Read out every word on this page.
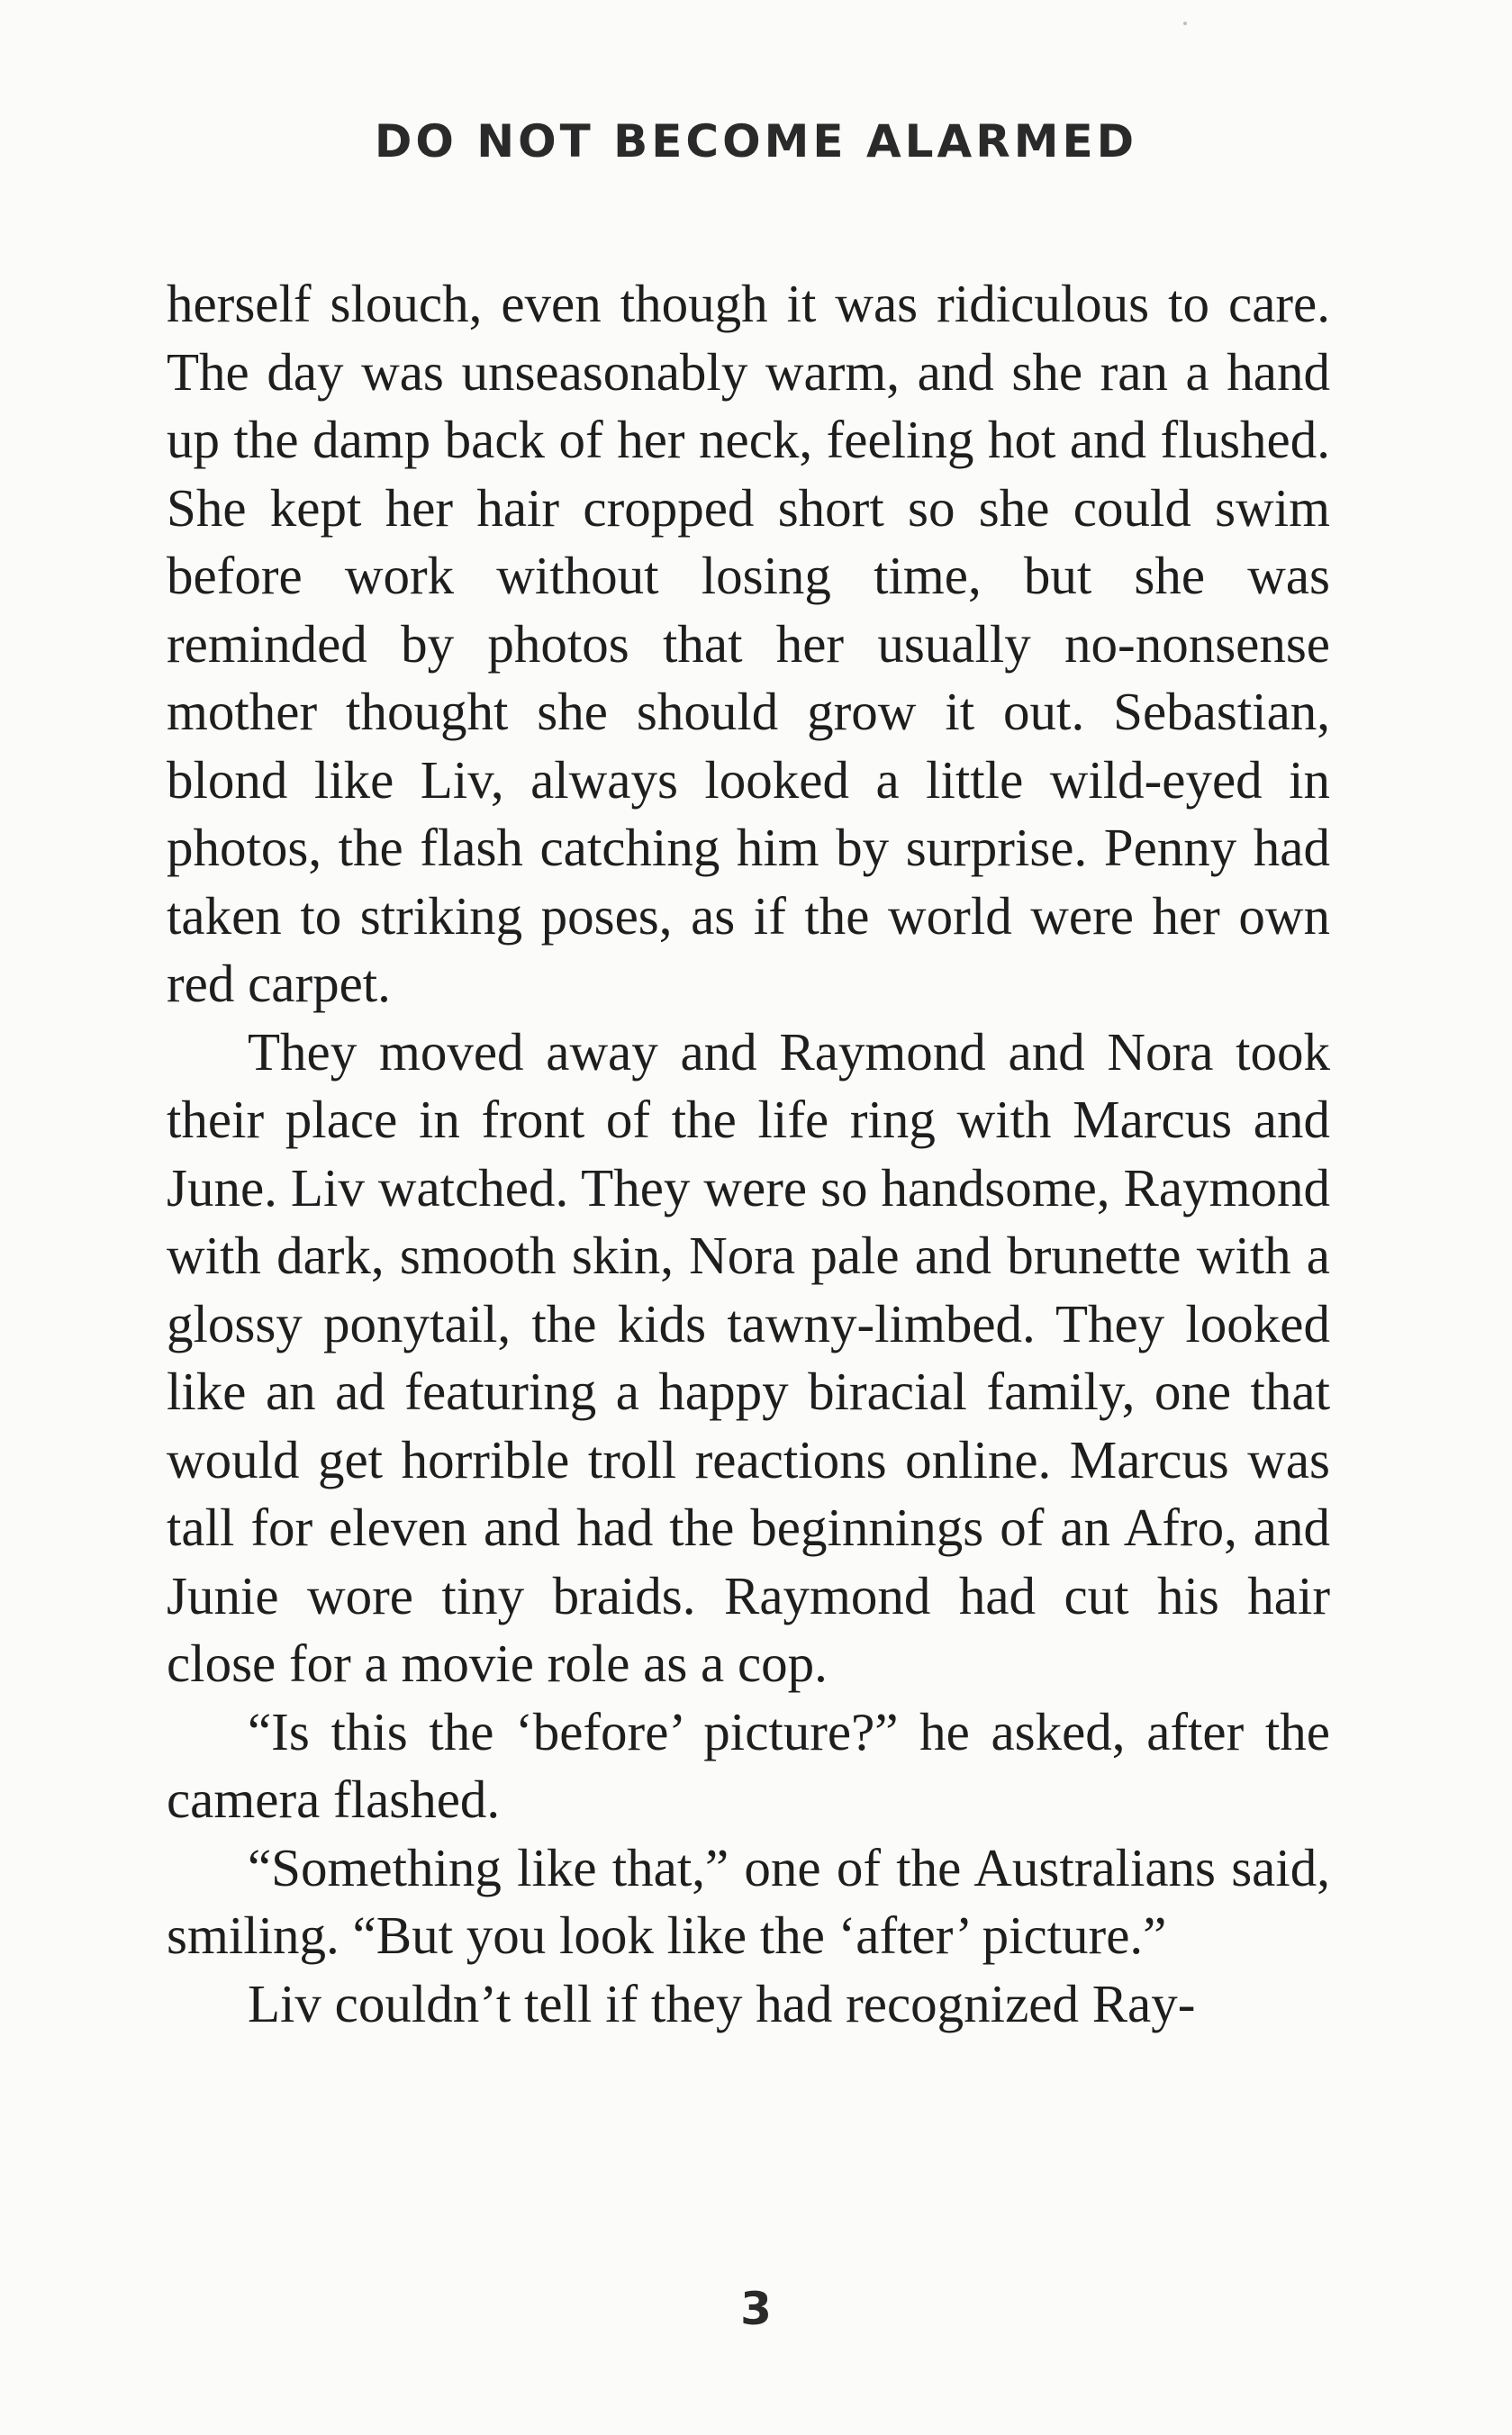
DO NOT BECOME ALARMED

herself slouch, even though it was ridiculous to care. The day was unseasonably warm, and she ran a hand up the damp back of her neck, feeling hot and flushed. She kept her hair cropped short so she could swim before work without losing time, but she was reminded by photos that her usually no-nonsense mother thought she should grow it out. Sebastian, blond like Liv, always looked a little wild-eyed in photos, the flash catching him by surprise. Penny had taken to striking poses, as if the world were her own red carpet.

They moved away and Raymond and Nora took their place in front of the life ring with Marcus and June. Liv watched. They were so handsome, Raymond with dark, smooth skin, Nora pale and brunette with a glossy ponytail, the kids tawny-limbed. They looked like an ad featuring a happy biracial family, one that would get horrible troll reactions online. Marcus was tall for eleven and had the beginnings of an Afro, and Junie wore tiny braids. Raymond had cut his hair close for a movie role as a cop.

“Is this the ‘before’ picture?” he asked, after the camera flashed.

“Something like that,” one of the Australians said, smiling. “But you look like the ‘after’ picture.”

Liv couldn’t tell if they had recognized Ray-

3
